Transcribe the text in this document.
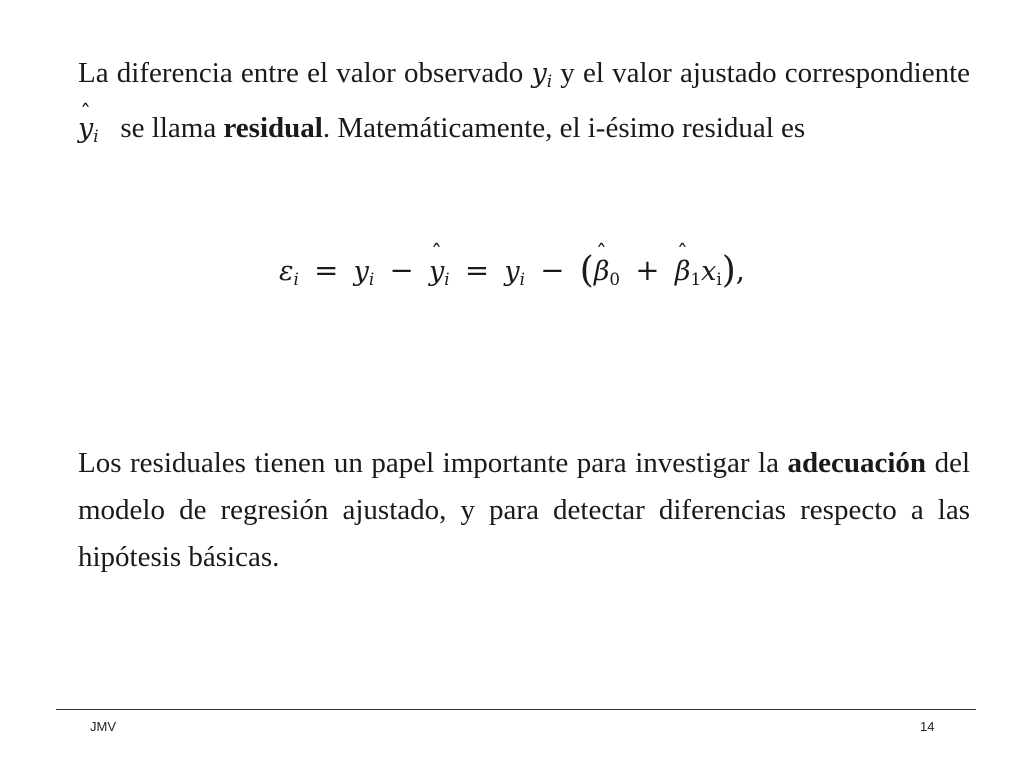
La diferencia entre el valor observado $y_i$ y el valor ajustado correspondiente ˆ $y_i$ se llama residual. Matemáticamente, el i-ésimo residual es
$\varepsilon_i = y_i$ − ˆ $y_i = y_i$ − (ˆ $\beta_0$ + ˆ $\beta_1x_i$),
Los residuales tienen un papel importante para investigar la adecuación del modelo de regresión ajustado, y para detectar diferencias respecto a las hipótesis básicas.
JMV	14
